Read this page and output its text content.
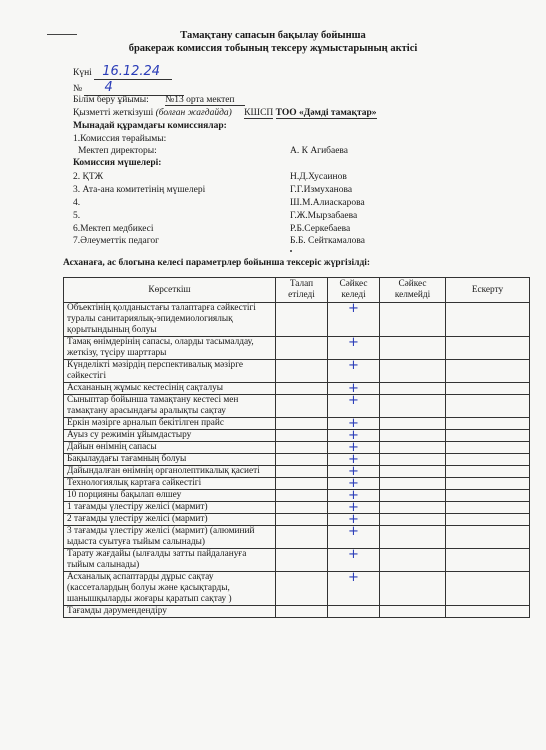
Тамақтану сапасын бақылау бойынша
бракераж комиссия тобының тексеру жұмыстарының актісі
Күні 16.12.24
№ 4
Білім беру ұйымы: №13 орта мектеп
Қызметті жеткізуші (болған жағдайда) КШСП ТОО «Дәмді тамақтар»
Мынадай құрамдағы комиссиялар:
1.Комиссия төрайымы:
Мектеп директоры:	А. К Агибаева
Комиссия мүшелері:
2. ҚТЖ	Н.Д.Хусаинов
3. Ата-ана комитетінің мүшелері	Г.Г.Измуханова
4.	Ш.М.Алиаскарова
5.	Г.Ж.Мырзабаева
6.Мектеп медбикесі	Р.Б.Серкебаева
7.Әлеуметтік педагог	Б.Б. Сейткамалова
Асханаға, ас блогына келесі параметрлер бойынша тексеріс жүргізілді:
Көрсеткіш	Талап етіледі	Сәйкес келеді	Сәйкес келмейді	Ескерту
Объектінің қолданыстағы талаптарға сәйкестігі туралы санитариялық-эпидемиологиялық қорытындының болуы		+		
Тамақ өнімдерінің сапасы, оларды тасымалдау, жеткізу, түсіру шарттары		+		
Күнделікті мәзірдің перспективалық мәзірге сәйкестігі		+		
Асхананың жұмыс кестесінің сақталуы		+		
Сыныптар бойынша тамақтану кестесі мен тамақтану арасындағы аралықты сақтау		+		
Еркін мәзірге арналып бекітілген прайс		+		
Ауыз су режимін ұйымдастыру		+		
Дайын өнімнің сапасы		+		
Бақылаудағы тағамның болуы		+		
Дайындалған өнімнің органолептикалық қасиеті		+		
Технологиялық картаға сәйкестігі		+		
10 порцияны бақылап өлшеу		+		
1 тағамды үлестіру желісі (мармит)		+		
2 тағамды үлестіру желісі (мармит)		+		
3 тағамды үлестіру желісі (мармит) (алюминий ыдыста суытуға тыйым салынады)		+		
Тарату жағдайы (ылғалды затты пайдалануға тыйым салынады)		+		
Асханалық аспаптарды дұрыс сақтау (кассеталардың болуы және қасықтарды, шанышқыларды жоғары қаратып сақтау )		+		
Тағамды дәрумендендіру				
